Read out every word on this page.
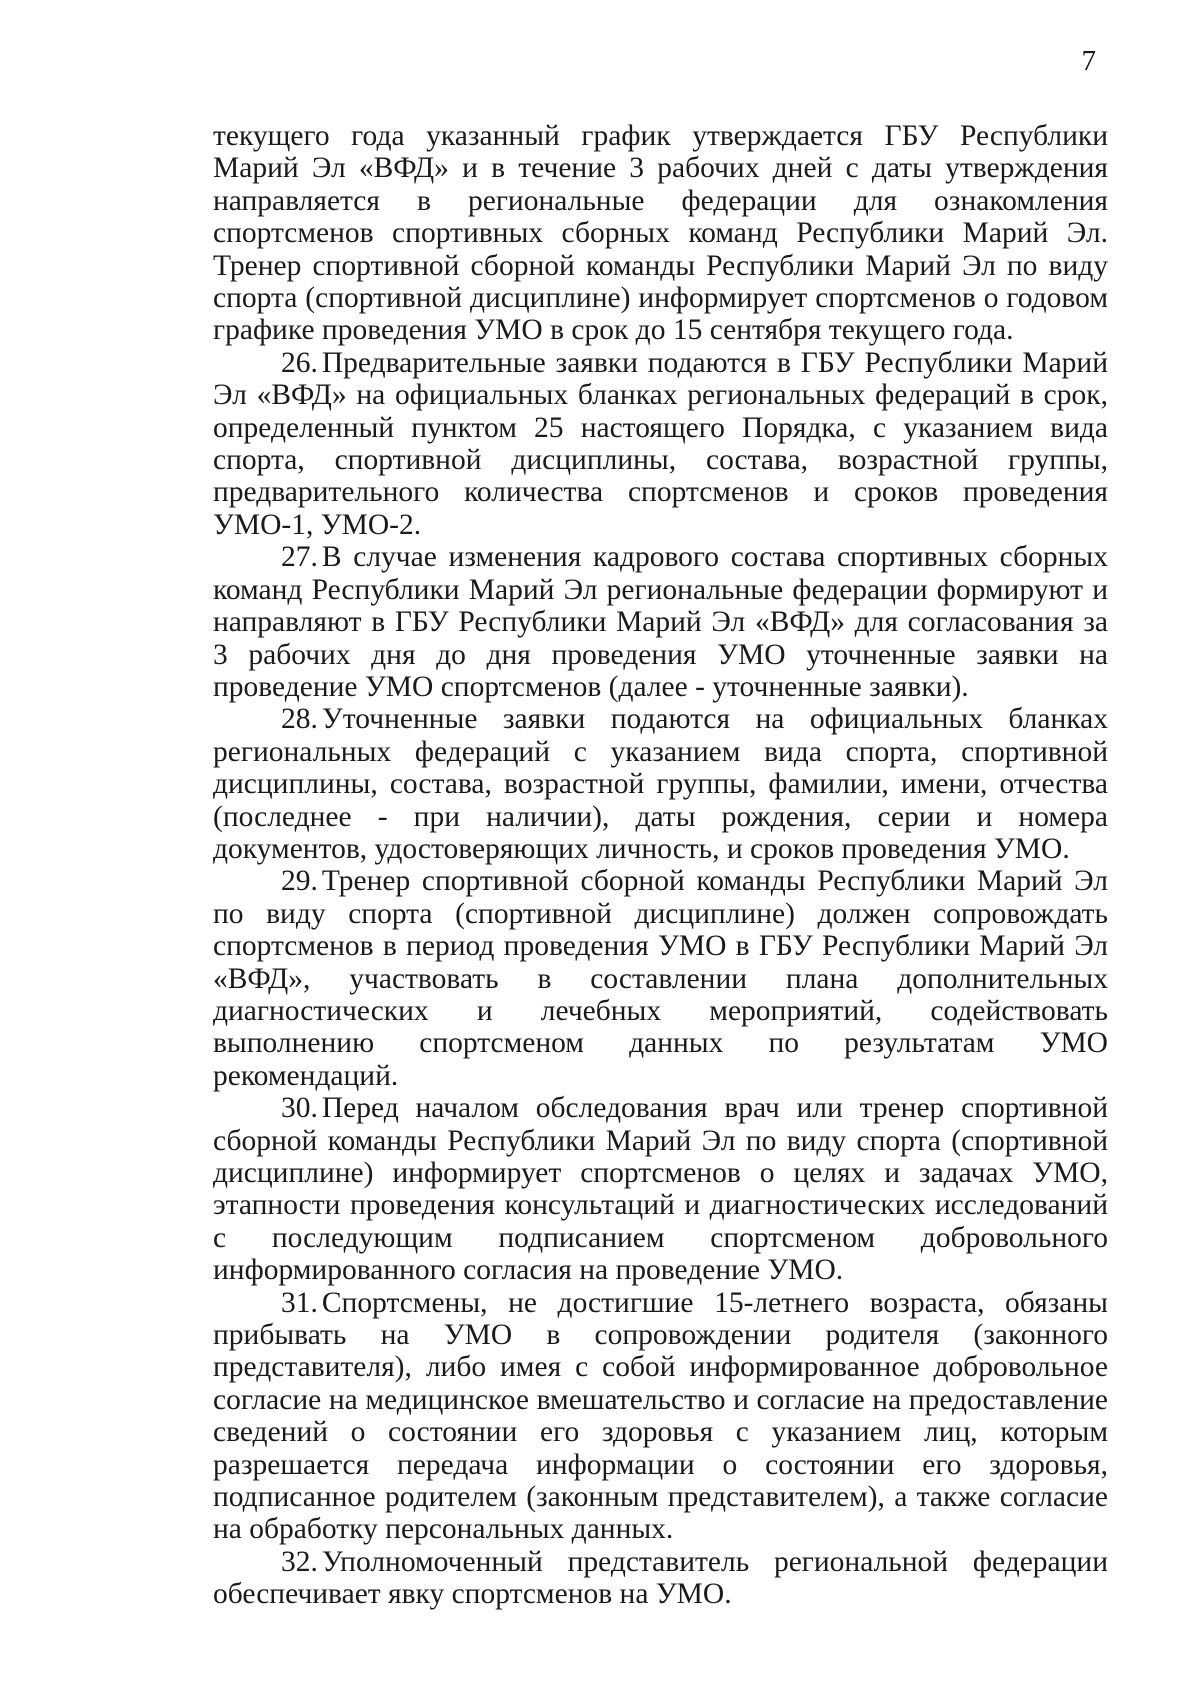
7

текущего года указанный график утверждается ГБУ Республики Марий Эл «ВФД» и в течение 3 рабочих дней с даты утверждения направляется в региональные федерации для ознакомления спортсменов спортивных сборных команд Республики Марий Эл. Тренер спортивной сборной команды Республики Марий Эл по виду спорта (спортивной дисциплине) информирует спортсменов о годовом графике проведения УМО в срок до 15 сентября текущего года.

26. Предварительные заявки подаются в ГБУ Республики Марий Эл «ВФД» на официальных бланках региональных федераций в срок, определенный пунктом 25 настоящего Порядка, с указанием вида спорта, спортивной дисциплины, состава, возрастной группы, предварительного количества спортсменов и сроков проведения УМО-1, УМО-2.

27. В случае изменения кадрового состава спортивных сборных команд Республики Марий Эл региональные федерации формируют и направляют в ГБУ Республики Марий Эл «ВФД» для согласования за 3 рабочих дня до дня проведения УМО уточненные заявки на проведение УМО спортсменов (далее - уточненные заявки).

28. Уточненные заявки подаются на официальных бланках региональных федераций с указанием вида спорта, спортивной дисциплины, состава, возрастной группы, фамилии, имени, отчества (последнее - при наличии), даты рождения, серии и номера документов, удостоверяющих личность, и сроков проведения УМО.

29. Тренер спортивной сборной команды Республики Марий Эл по виду спорта (спортивной дисциплине) должен сопровождать спортсменов в период проведения УМО в ГБУ Республики Марий Эл «ВФД», участвовать в составлении плана дополнительных диагностических и лечебных мероприятий, содействовать выполнению спортсменом данных по результатам УМО рекомендаций.

30. Перед началом обследования врач или тренер спортивной сборной команды Республики Марий Эл по виду спорта (спортивной дисциплине) информирует спортсменов о целях и задачах УМО, этапности проведения консультаций и диагностических исследований с последующим подписанием спортсменом добровольного информированного согласия на проведение УМО.

31. Спортсмены, не достигшие 15-летнего возраста, обязаны прибывать на УМО в сопровождении родителя (законного представителя), либо имея с собой информированное добровольное согласие на медицинское вмешательство и согласие на предоставление сведений о состоянии его здоровья с указанием лиц, которым разрешается передача информации о состоянии его здоровья, подписанное родителем (законным представителем), а также согласие на обработку персональных данных.

32. Уполномоченный представитель региональной федерации обеспечивает явку спортсменов на УМО.
